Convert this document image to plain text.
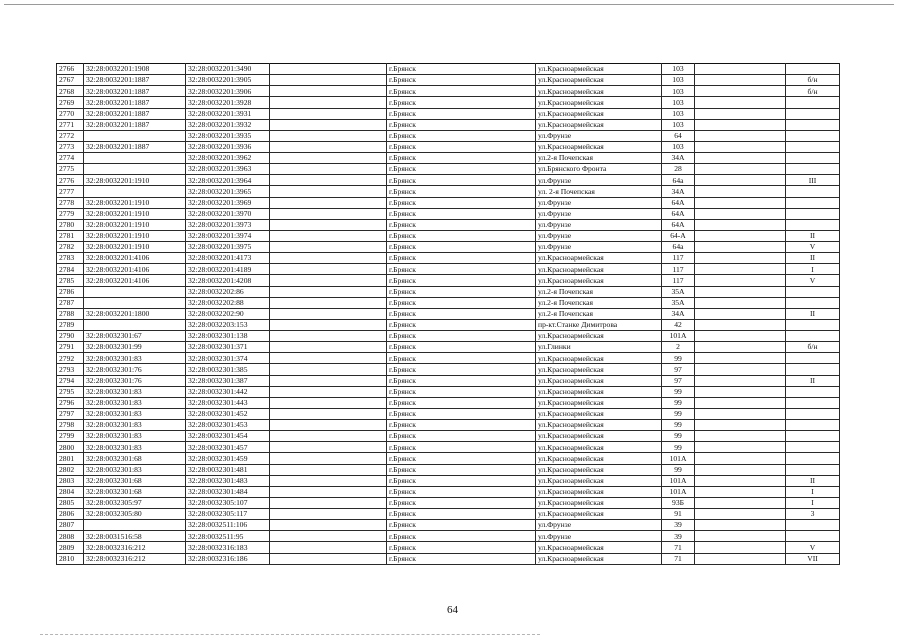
2766	32:28:0032201:1908	32:28:0032201:3490		г.Брянск	ул.Красноармейская	103		
2767	32:28:0032201:1887	32:28:0032201:3905		г.Брянск	ул.Красноармейская	103		б/н
2768	32:28:0032201:1887	32:28:0032201:3906		г.Брянск	ул.Красноармейская	103		б/н
2769	32:28:0032201:1887	32:28:0032201:3928		г.Брянск	ул.Красноармейская	103		
2770	32:28:0032201:1887	32:28:0032201:3931		г.Брянск	ул.Красноармейская	103		
2771	32:28:0032201:1887	32:28:0032201:3932		г.Брянск	ул.Красноармейская	103		
2772		32:28:0032201:3935		г.Брянск	ул.Фрунзе	64		
2773	32:28:0032201:1887	32:28:0032201:3936		г.Брянск	ул.Красноармейская	103		
2774		32:28:0032201:3962		г.Брянск	ул.2-я Почепская	34А		
2775		32:28:0032201:3963		г.Брянск	ул.Брянского Фронта	28		
2776	32:28:0032201:1910	32:28:0032201:3964		г.Брянск	ул.Фрунзе	64а		III
2777		32:28:0032201:3965		г.Брянск	ул. 2-я Почепская	34А		
2778	32:28:0032201:1910	32:28:0032201:3969		г.Брянск	ул.Фрунзе	64А		
2779	32:28:0032201:1910	32:28:0032201:3970		г.Брянск	ул.Фрунзе	64А		
2780	32:28:0032201:1910	32:28:0032201:3973		г.Брянск	ул.Фрунзе	64А		
2781	32:28:0032201:1910	32:28:0032201:3974		г.Брянск	ул.Фрунзе	64-А		II
2782	32:28:0032201:1910	32:28:0032201:3975		г.Брянск	ул.Фрунзе	64а		V
2783	32:28:0032201:4106	32:28:0032201:4173		г.Брянск	ул.Красноармейская	117		II
2784	32:28:0032201:4106	32:28:0032201:4189		г.Брянск	ул.Красноармейская	117		I
2785	32:28:0032201:4106	32:28:0032201:4208		г.Брянск	ул.Красноармейская	117		V
2786		32:28:0032202:86		г.Брянск	ул.2-я Почепская	35А		
2787		32:28:0032202:88		г.Брянск	ул.2-я Почепская	35А		
2788	32:28:0032201:1800	32:28:0032202:90		г.Брянск	ул.2-я Почепская	34А		II
2789		32:28:0032203:153		г.Брянск	пр-кт.Станке Димитрова	42		
2790	32:28:0032301:67	32:28:0032301:138		г.Брянск	ул.Красноармейская	101А		
2791	32:28:0032301:99	32:28:0032301:371		г.Брянск	ул.Глинки	2		б/н
2792	32:28:0032301:83	32:28:0032301:374		г.Брянск	ул.Красноармейская	99		
2793	32:28:0032301:76	32:28:0032301:385		г.Брянск	ул.Красноармейская	97		
2794	32:28:0032301:76	32:28:0032301:387		г.Брянск	ул.Красноармейская	97		II
2795	32:28:0032301:83	32:28:0032301:442		г.Брянск	ул.Красноармейская	99		
2796	32:28:0032301:83	32:28:0032301:443		г.Брянск	ул.Красноармейская	99		
2797	32:28:0032301:83	32:28:0032301:452		г.Брянск	ул.Красноармейская	99		
2798	32:28:0032301:83	32:28:0032301:453		г.Брянск	ул.Красноармейская	99		
2799	32:28:0032301:83	32:28:0032301:454		г.Брянск	ул.Красноармейская	99		
2800	32:28:0032301:83	32:28:0032301:457		г.Брянск	ул.Красноармейская	99		
2801	32:28:0032301:68	32:28:0032301:459		г.Брянск	ул.Красноармейская	101А		
2802	32:28:0032301:83	32:28:0032301:481		г.Брянск	ул.Красноармейская	99		
2803	32:28:0032301:68	32:28:0032301:483		г.Брянск	ул.Красноармейская	101А		II
2804	32:28:0032301:68	32:28:0032301:484		г.Брянск	ул.Красноармейская	101А		I
2805	32:28:0032305:97	32:28:0032305:107		г.Брянск	ул.Красноармейская	93Б		I
2806	32:28:0032305:80	32:28:0032305:117		г.Брянск	ул.Красноармейская	91		3
2807		32:28:0032511:106		г.Брянск	ул.Фрунзе	39		
2808	32:28:0031516:58	32:28:0032511:95		г.Брянск	ул.Фрунзе	39		
2809	32:28:0032316:212	32:28:0032316:183		г.Брянск	ул.Красноармейская	71		V
2810	32:28:0032316:212	32:28:0032316:186		г.Брянск	ул.Красноармейская	71		VII
64
